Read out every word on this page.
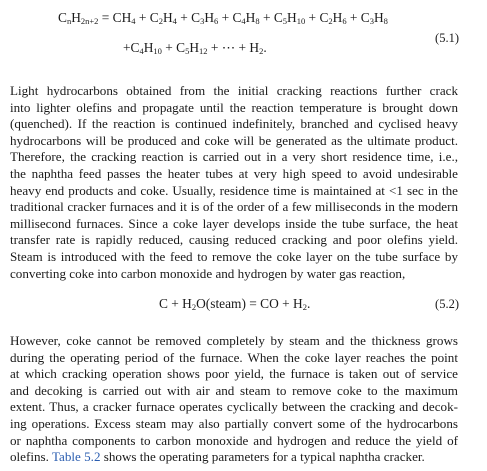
$C_nH_{2n+2} = CH_4 + C_2H_4 + C_3H_6 + C_4H_8 + C_5H_{10} + C_2H_6 + C_3H_8$
$+C_4H_{10} + C_5H_{12}$ + ⋯ + $H_2$.
(5.1)
Light hydrocarbons obtained from the initial cracking reactions further crack
into lighter olefins and propagate until the reaction temperature is brought down
(quenched). If the reaction is continued indefinitely, branched and cyclised heavy
hydrocarbons will be produced and coke will be generated as the ultimate product.
Therefore, the cracking reaction is carried out in a very short residence time, i.e.,
the naphtha feed passes the heater tubes at very high speed to avoid undesirable
heavy end products and coke. Usually, residence time is maintained at <1 sec in the
traditional cracker furnaces and it is of the order of a few milliseconds in the modern
millisecond furnaces. Since a coke layer develops inside the tube surface, the heat
transfer rate is rapidly reduced, causing reduced cracking and poor olefins yield.
Steam is introduced with the feed to remove the coke layer on the tube surface by
converting coke into carbon monoxide and hydrogen by water gas reaction,
$C + H_2O(steam)$ = CO + $H_2$.	(5.2)
However, coke cannot be removed completely by steam and the thickness grows
during the operating period of the furnace. When the coke layer reaches the point
at which cracking operation shows poor yield, the furnace is taken out of service
and decoking is carried out with air and steam to remove coke to the maximum
extent. Thus, a cracker furnace operates cyclically between the cracking and decok-
ing operations. Excess steam may also partially convert some of the hydrocarbons
or naphtha components to carbon monoxide and hydrogen and reduce the yield of
olefins. Table 5.2 shows the operating parameters for a typical naphtha cracker.
